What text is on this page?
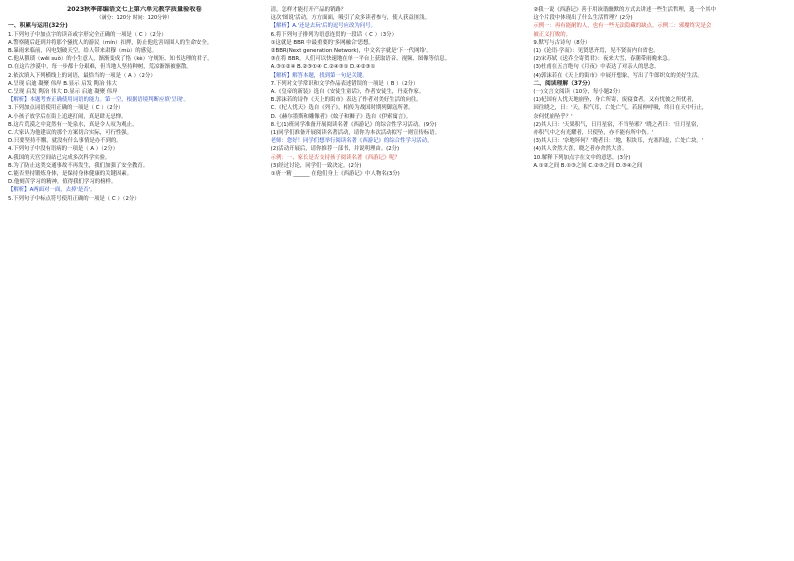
2023秋季部编语文七上第六单元教学质量验收卷

（满分：120分 时间：120分钟）

一、积累与运用(32分)

1.下列句子中加点字的读音或字形完全正确的一项是（ C ）（2分）

A.警察随后赶到并将那个骚扰人的游民（mín）扣押，防止他危害周围人的生命安全。

B.暴雨来临前，闪电划破天空，给人带来肃穆（mù）的感觉。

C.他从猥琐（wěi suǒ）的小生意人，渐渐变成了恪（kè）守规矩、知书达理的君子。

D.在这片沙漠中，每一步都十分艰难，但当地人坚持种树，荒凉渐渐被驱散。

2.依次填入下列横线上的词语，最恰当的一项是（ A ）（2分）

A.呈现 启迪 凝聚 伟岸 B.显示 启发 陶冶 伟大

C.呈现 启发 陶冶 伟大 D.显示 启迪 凝聚 伟岸

【解析】本题考查正确使用词语的能力。第一空，根据语境判断应填'呈现'。

3.下列加点词语使用正确的一项是（ C ）（2分）

A.小孩子放学后在街上追逐打闹，真是肆无忌惮。

B.这片荒漠之中竟然有一处泉水，真是令人叹为观止。

C.大家认为他建议的那个方案切合实际，可行性强。

D.只要坚持不懈，就没有什么事情是办不到的。

4.下列句子中没有语病的一项是（ A ）（2分）

A.我国的天宫空间站已完成多次科学实验。

B.为了防止这类交通事故不再发生，我们加强了安全教育。

C.能否坚持锻炼身体，是保持身体健康的关键因素。

D.他刻苦学习的精神，值得我们学习的榜样。

【解析】A两面对一面，去掉'是否'。

5.下列句子中标点符号使用正确的一项是（ C ）（2分）

清，怎样才能打开产品的销路？

这次'图说'活动，方方面面，吸引了众多读者参与，使人获益匪浅。

【解析】A.'还是去玩'后的逗号应改为问号。

6.将下列句子排列为语意连贯的一段话（ C ）（3分）

①这就是 BBR 中最重要的'多网融合'思想。

②BBR(Next generation Network)，中文名字就是'下一代网络'。

③在将 BBR，人们可以快速地在单一平台上获取语音、视频、图像等信息。

A.③①②④ B.②③①④ C.②④③① D.④②③①

【解析】解答本题，找到第一句是关键。

7.下列对文学常识和文学作品表述错误的一项是（ B ）（2分）

A.《皇帝的新装》选自《安徒生童话》，作者安徒生，丹麦作家。

B.郭沫若的诗作《天上的街市》表达了作者对美好生活的向往。

C.《杞人忧天》选自《列子》，相传为战国时期列御寇所著。

D.《赫尔墨斯和雕像者》《蚊子和狮子》选自《伊索寓言》。

8.七(1)班同学准备开展阅读名著《西游记》的综合性学习活动。(9分)

(1)同学们准备开展阅读名著活动，请你为本次活动拟写一则宣传标语。

老师：您好！同学们想举行阅读名著《西游记》的综合性学习活动。

(2)活动开展后，请你推荐一部书，并说明理由。(2分)

示例：一、家长是否支持孩子阅读名著《西游记》呢？

(3)经过讨论，同学们一致决定。(2分)

①唐一精 ______ 在他们身上《西游记》中人物名(3分)

②我一说《西游记》善于用诙谐幽默的方式去讲述一些生活哲理，选一个其中

这个片段中体现出了什么生活哲理？(2分)

示例一：再有能耐的人，也有一些无法隐藏的缺点。示例二：邪魔终究是会

被正义打败的。

9.默写与古诗句（8分）

(1)《论语·学而》：见贤思齐焉，见不贤而内自省也。

(2)宋苏轼《送乔仝寄贺君》：夜来大雪，春潮带雨晚来急。

(3)杜甫在五言绝句《月夜》中表达了对亲人的思念。

(4)郭沫若在《天上的街市》中展开想象，写出了牛郎织女的美好生活。

二、阅读理解（37分）

(一)文言文阅读（10分，每小题2分）

(1)杞国有人忧天地崩坠，身亡所寄，废寝食者。又有忧彼之所忧者，

因往晓之，曰：'天，积气耳，亡处亡气。若屈伸呼吸，终日在天中行止，

奈何忧崩坠乎？'

(2)其人曰：'天果积气，日月星宿，不当坠邪？'晓之者曰：'日月星宿，

亦积气中之有光耀者，只使坠，亦不能有所中伤。'

(3)其人曰：'奈地坏何？'晓者曰：'地，积块耳，充塞四虚，亡处亡块。'

(4)其人舍然大喜，晓之者亦舍然大喜。

10.解释下列加点字在文中的意思。(3分)

A.①②之间 B.①③之间 C.②③之间 D.③④之间
